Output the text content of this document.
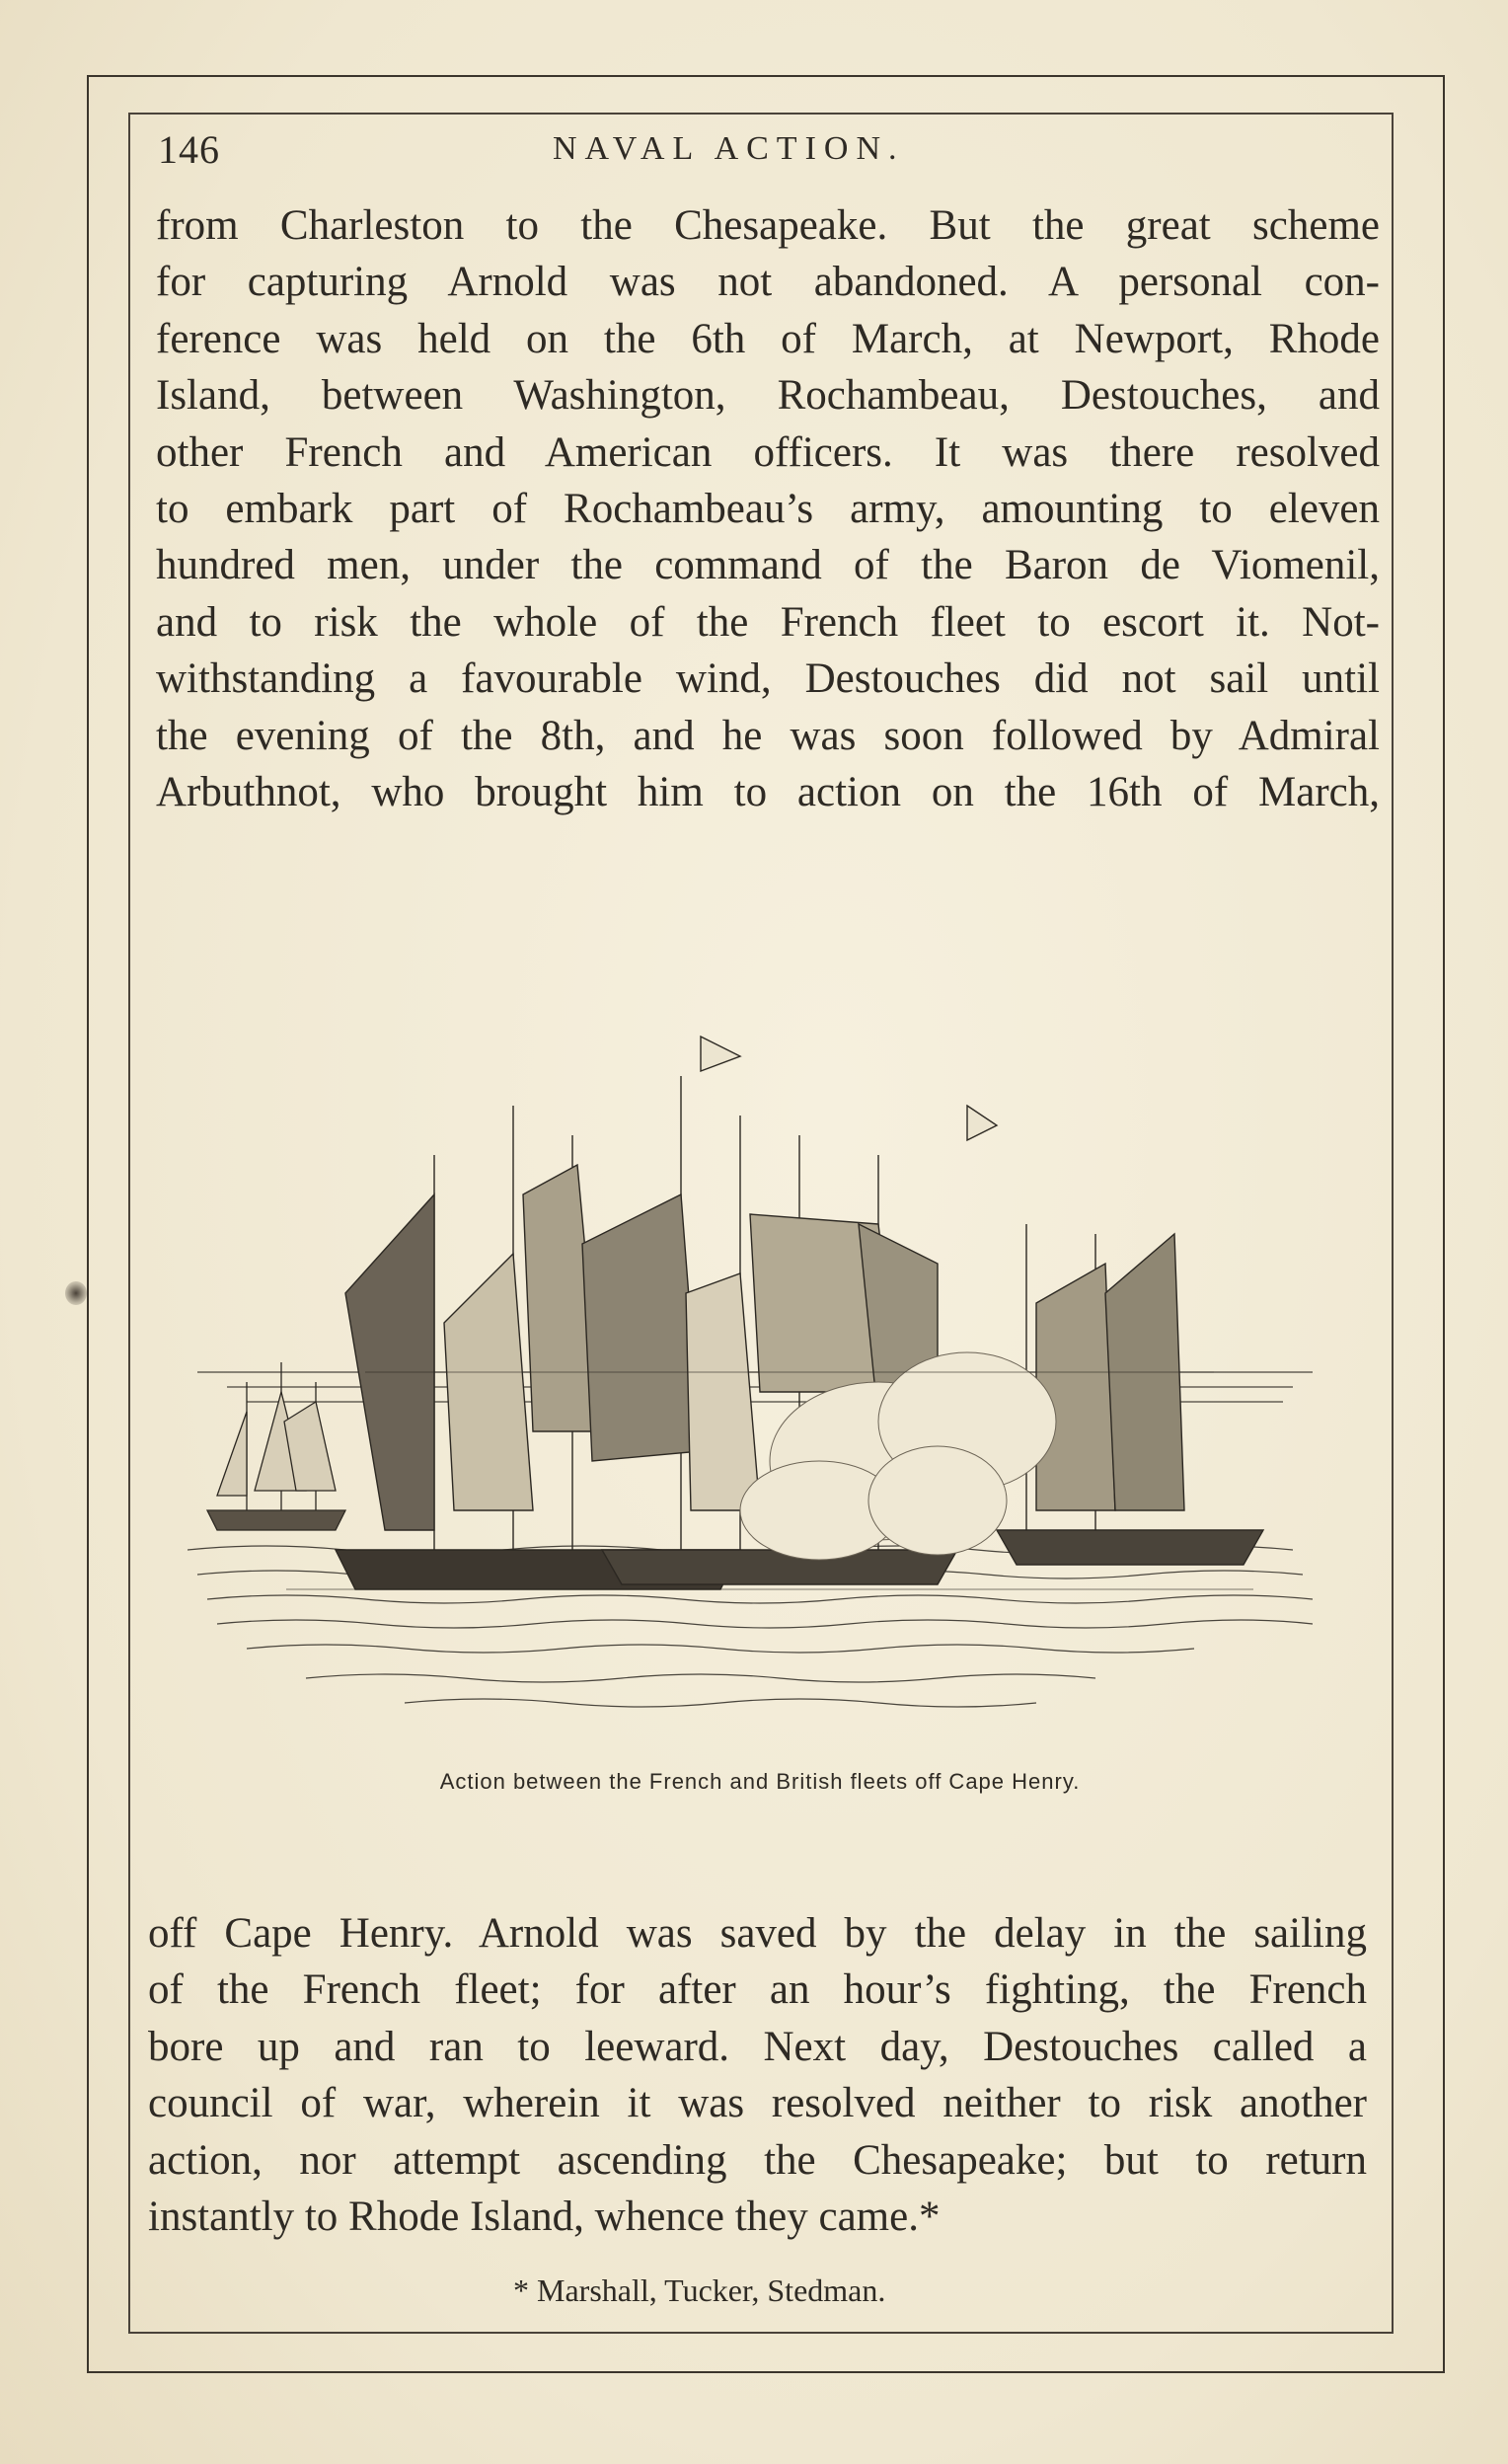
146	NAVAL ACTION.
from Charleston to the Chesapeake. But the great scheme
for capturing Arnold was not abandoned. A personal con-
ference was held on the 6th of March, at Newport, Rhode
Island, between Washington, Rochambeau, Destouches, and
other French and American officers. It was there resolved
to embark part of Rochambeau’s army, amounting to eleven
hundred men, under the command of the Baron de Viomenil,
and to risk the whole of the French fleet to escort it. Not-
withstanding a favourable wind, Destouches did not sail until
the evening of the 8th, and he was soon followed by Admiral
Arbuthnot, who brought him to action on the 16th of March,
Action between the French and British fleets off Cape Henry.
off Cape Henry. Arnold was saved by the delay in the sailing
of the French fleet; for after an hour’s fighting, the French
bore up and ran to leeward. Next day, Destouches called a
council of war, wherein it was resolved neither to risk another
action, nor attempt ascending the Chesapeake; but to return
instantly to Rhode Island, whence they came.*
* Marshall, Tucker, Stedman.
